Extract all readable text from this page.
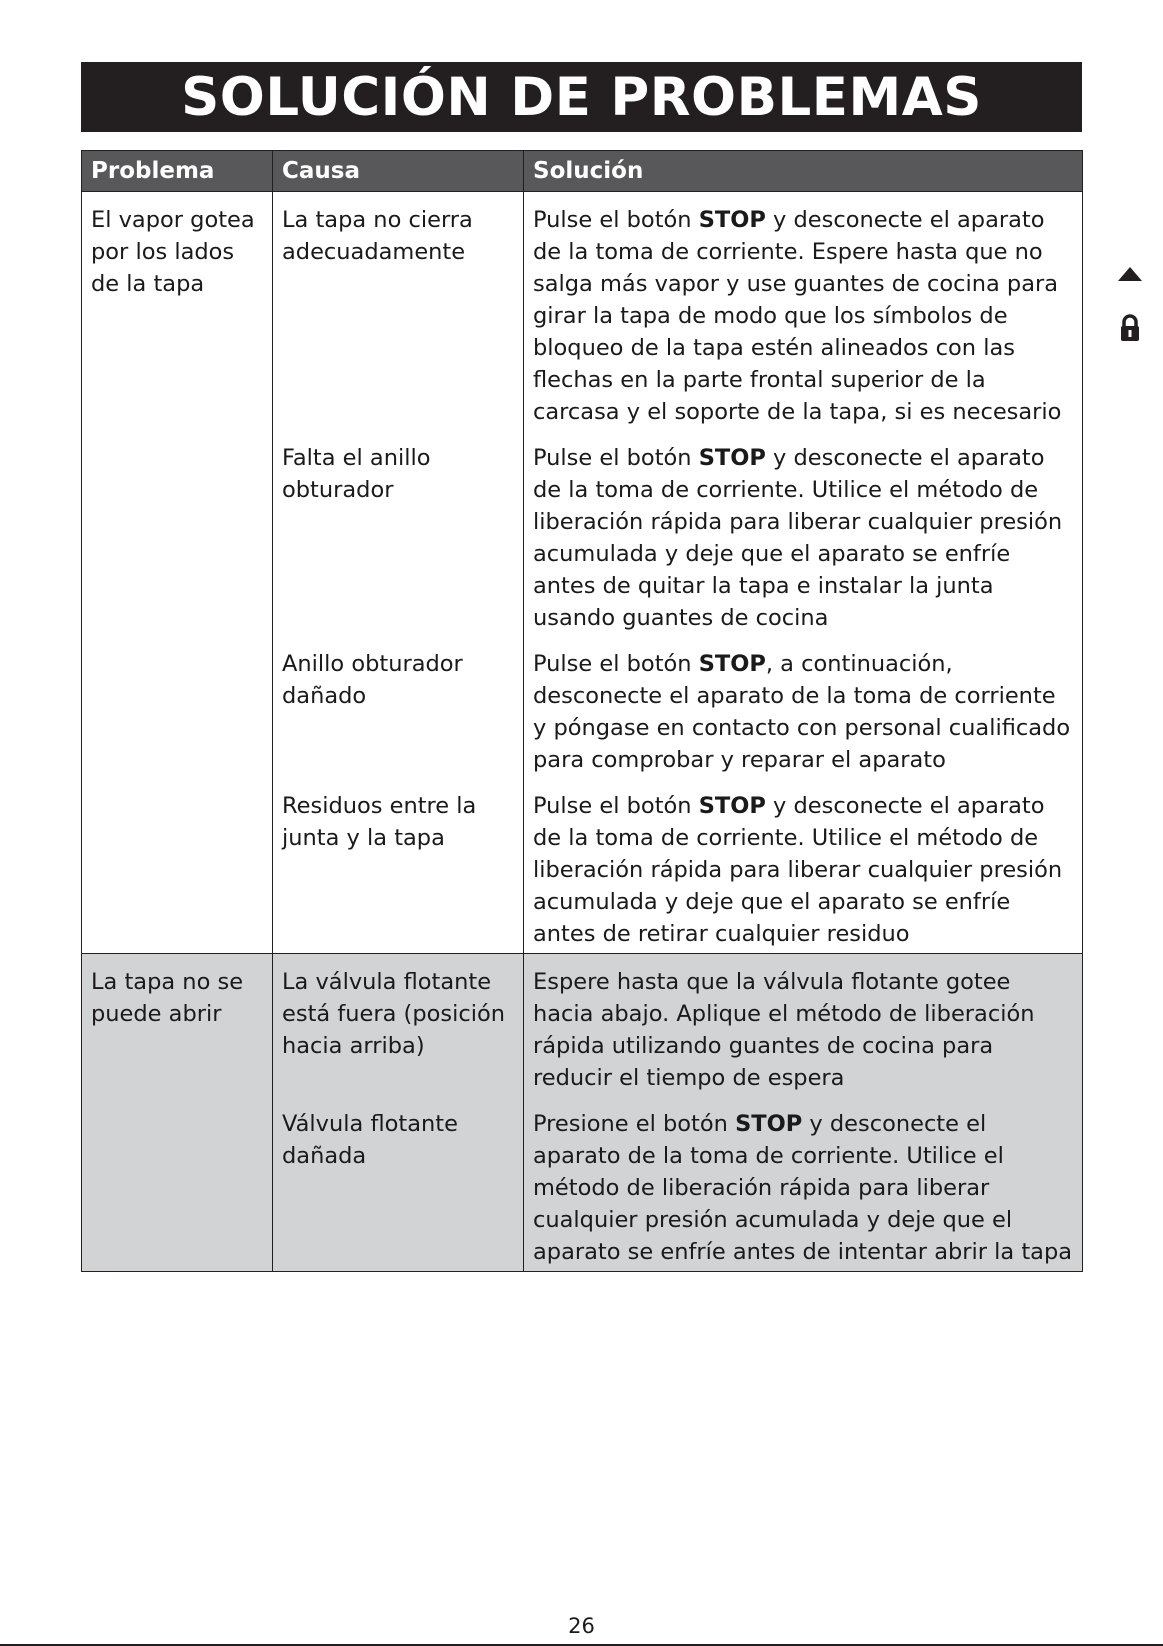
SOLUCIÓN DE PROBLEMAS
Problema	Causa	Solución
El vapor gotea por los lados de la tapa	La tapa no cierra adecuadamente	Pulse el botón STOP y desconecte el aparato de la toma de corriente. Espere hasta que no salga más vapor y use guantes de cocina para girar la tapa de modo que los símbolos de bloqueo de la tapa estén alineados con las flechas en la parte frontal superior de la carcasa y el soporte de la tapa, si es necesario
	Falta el anillo obturador	Pulse el botón STOP y desconecte el aparato de la toma de corriente. Utilice el método de liberación rápida para liberar cualquier presión acumulada y deje que el aparato se enfríe antes de quitar la tapa e instalar la junta usando guantes de cocina
	Anillo obturador dañado	Pulse el botón STOP, a continuación, desconecte el aparato de la toma de corriente y póngase en contacto con personal cualificado para comprobar y reparar el aparato
	Residuos entre la junta y la tapa	Pulse el botón STOP y desconecte el aparato de la toma de corriente. Utilice el método de liberación rápida para liberar cualquier presión acumulada y deje que el aparato se enfríe antes de retirar cualquier residuo
La tapa no se puede abrir	La válvula flotante está fuera (posición hacia arriba)	Espere hasta que la válvula flotante gotee hacia abajo. Aplique el método de liberación rápida utilizando guantes de cocina para reducir el tiempo de espera
	Válvula flotante dañada	Presione el botón STOP y desconecte el aparato de la toma de corriente. Utilice el método de liberación rápida para liberar cualquier presión acumulada y deje que el aparato se enfríe antes de intentar abrir la tapa
26
